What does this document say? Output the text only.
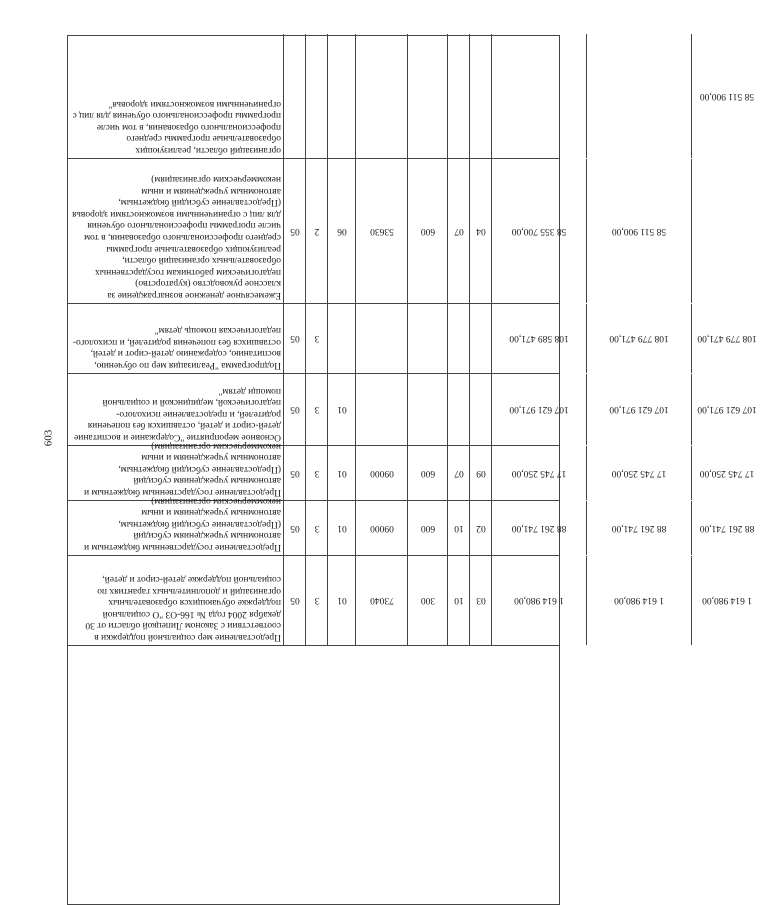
603
организаций области, реализующих образовательные программы среднего профессионального образования, в том числе программы профессионального обучения для лиц с ограниченными возможностями здоровья"
58 511 900,00
Ежемесячное денежное вознаграждение за классное руководство (кураторство) педагогическим работникам государственных образовательных организаций области, реализующих образовательные программы среднего профессионального образования, в том числе программы профессионального обучения для лиц с ограниченными возможностями здоровья (Предоставление субсидий бюджетным, автономным учреждениям и иным некоммерческим организациям)
05 2 06 53630	600 07 04	58 355 700,00	58 511 900,00
Подпрограмма "Реализация мер по обучению, воспитанию, содержанию детей-сирот и детей, оставшихся без попечения родителей, и психолого-педагогическая помощь детям"
05 3	108 589 471,00	108 779 471,00	108 779 471,00
Основное мероприятие "Содержание и воспитание детей-сирот и детей, оставшихся без попечения родителей, и предоставление психолого-педагогической, медицинской и социальной помощи детям"
05 3 01	107 621 971,00	107 621 971,00	107 621 971,00
Предоставление государственным бюджетным и автономным учреждениям субсидий (Предоставление субсидий бюджетным, автономным учреждениям и иным некоммерческим организациям)
05 3 01 09000	600 07 09	17 745 250,00	17 745 250,00	17 745 250,00
Предоставление государственным бюджетным и автономным учреждениям субсидий (Предоставление субсидий бюджетным, автономным учреждениям и иным некоммерческим организациям)
05 3 01 09000	600 10 02	88 261 741,00	88 261 741,00	88 261 741,00
Предоставление мер социальной поддержки в соответствии с Законом Липецкой области от 30 декабря 2004 года № 166-ОЗ "О социальной поддержке обучающихся образовательных организаций и дополнительных гарантиях по социальной поддержке детей-сирот и детей,
05 3 01 73040	300 10 03	1 614 980,00	1 614 980,00	1 614 980,00
